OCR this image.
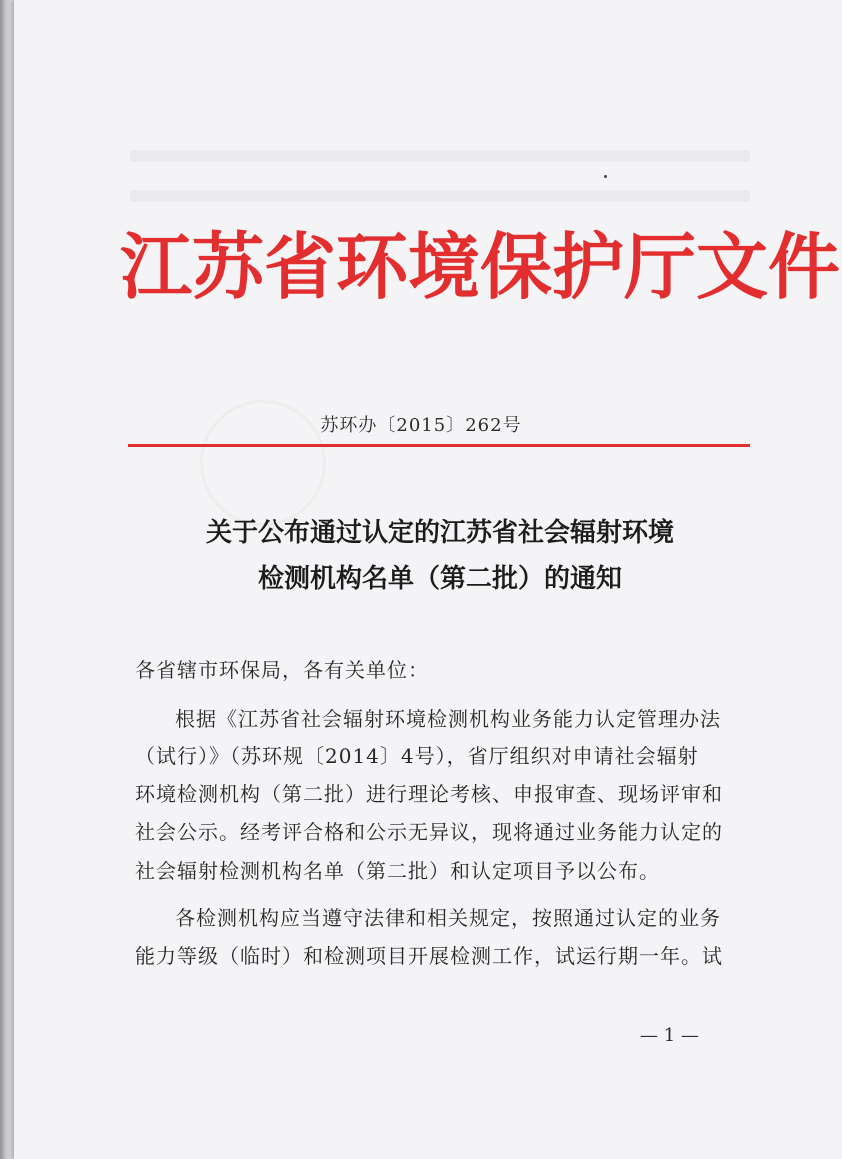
江苏省环境保护厅文件
苏环办〔2015〕262号
关于公布通过认定的江苏省社会辐射环境
检测机构名单（第二批）的通知
各省辖市环保局，各有关单位：
根据《江苏省社会辐射环境检测机构业务能力认定管理办法
（试行）》（苏环规〔2014〕4号），省厅组织对申请社会辐射
环境检测机构（第二批）进行理论考核、申报审查、现场评审和
社会公示。经考评合格和公示无异议，现将通过业务能力认定的
社会辐射检测机构名单（第二批）和认定项目予以公布。
各检测机构应当遵守法律和相关规定，按照通过认定的业务
能力等级（临时）和检测项目开展检测工作，试运行期一年。试
— 1 —
